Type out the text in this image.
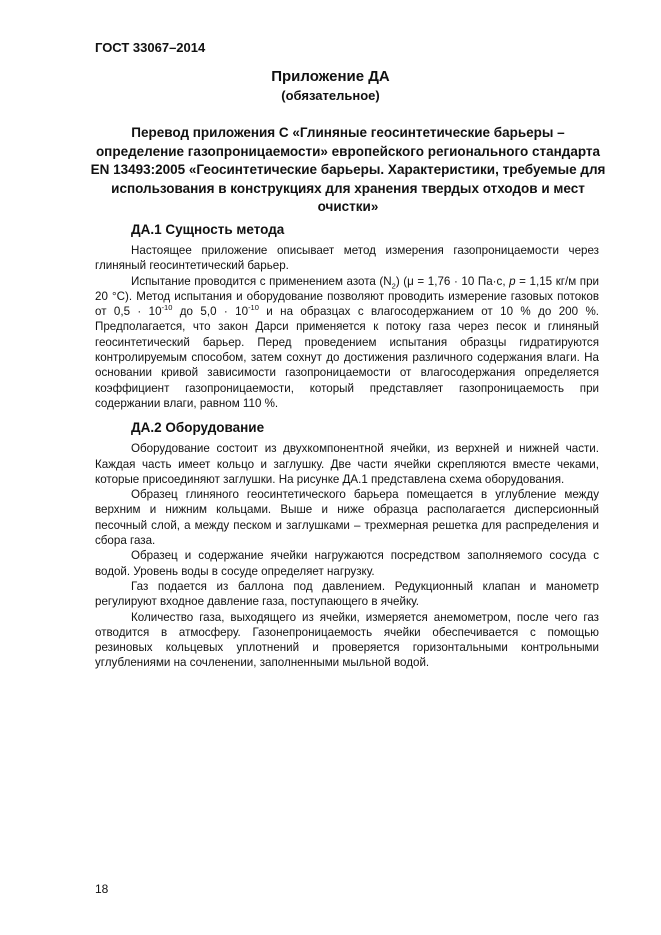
ГОСТ 33067–2014
Приложение ДА
(обязательное)
Перевод приложения С «Глиняные геосинтетические барьеры – определение газопроницаемости» европейского регионального стандарта EN 13493:2005 «Геосинтетические барьеры. Характеристики, требуемые для использования в конструкциях для хранения твердых отходов и мест очистки»
ДА.1 Сущность метода

Настоящее приложение описывает метод измерения газопроницаемости через глиняный геосинтетический барьер.

Испытание проводится с применением азота $(N_2) (\mu = 1,76 \cdot 10$ Па·с, р = 1,15 кг/м при 20 °С). Метод испытания и оборудование позволяют проводить измерение газовых потоков от $0,5 \cdot 10^{-10}$ до $5,0 \cdot 10^{-10}$ и на образцах с влагосодержанием от 10 % до 200 %. Предполагается, что закон Дарси применяется к потоку газа через песок и глиняный геосинтетический барьер. Перед проведением испытания образцы гидратируются контролируемым способом, затем сохнут до достижения различного содержания влаги. На основании кривой зависимости газопроницаемости от влагосодержания определяется коэффициент газопроницаемости, который представляет газопроницаемость при содержании влаги, равном 110 %.

ДА.2 Оборудование

Оборудование состоит из двухкомпонентной ячейки, из верхней и нижней части. Каждая часть имеет кольцо и заглушку. Две части ячейки скрепляются вместе чеками, которые присоединяют заглушки. На рисунке ДА.1 представлена схема оборудования.

Образец глиняного геосинтетического барьера помещается в углубление между верхним и нижним кольцами. Выше и ниже образца располагается дисперсионный песочный слой, а между песком и заглушками – трехмерная решетка для распределения и сбора газа.

Образец и содержание ячейки нагружаются посредством заполняемого сосуда с водой. Уровень воды в сосуде определяет нагрузку.

Газ подается из баллона под давлением. Редукционный клапан и манометр регулируют входное давление газа, поступающего в ячейку.

Количество газа, выходящего из ячейки, измеряется анемометром, после чего газ отводится в атмосферу. Газонепроницаемость ячейки обеспечивается с помощью резиновых кольцевых уплотнений и проверяется горизонтальными контрольными углублениями на сочленении, заполненными мыльной водой.

18
